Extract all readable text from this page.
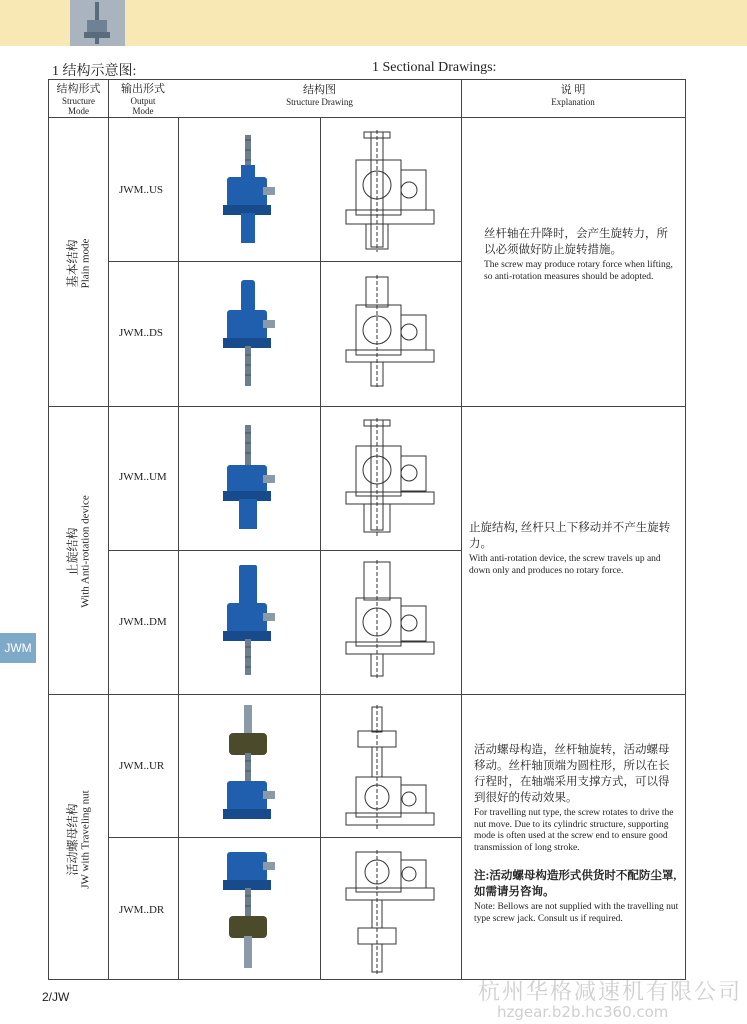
1 结构示意图:	1 Sectional Drawings:
结构形式
Structure Mode
输出形式
Output Mode
结构图
Structure Drawing
说 明
Explanation
基本结构 Plain mode
止旋结构 With Anti-rotation device
活动螺母结构 JW with Traveling nut
JWM..US
JWM..DS
JWM..UM
JWM..DM
JWM..UR
JWM..DR
丝杆轴在升降时，会产生旋转力，所以必须做好防止旋转措施。
The screw may produce rotary force when lifting, so anti-rotation measures should be adopted.
止旋结构, 丝杆只上下移动并不产生旋转力。
With anti-rotation device, the screw travels up and down only and produces no rotary force.
活动螺母构造，丝杆轴旋转，活动螺母移动。丝杆轴顶端为圆柱形，所以在长行程时，在轴端采用支撑方式，可以得到很好的传动效果。
For travelling nut type, the screw rotates to drive the nut move. Due to its cylindric structure, supporting mode is often used at the screw end to ensure good transmission of long stroke.
注:活动螺母构造形式供货时不配防尘罩, 如需请另咨询。
Note: Bellows are not supplied with the travelling nut type screw jack. Consult us if required.
JWM
2/JW	杭州华格减速机有限公司
hzgear.b2b.hc360.com
